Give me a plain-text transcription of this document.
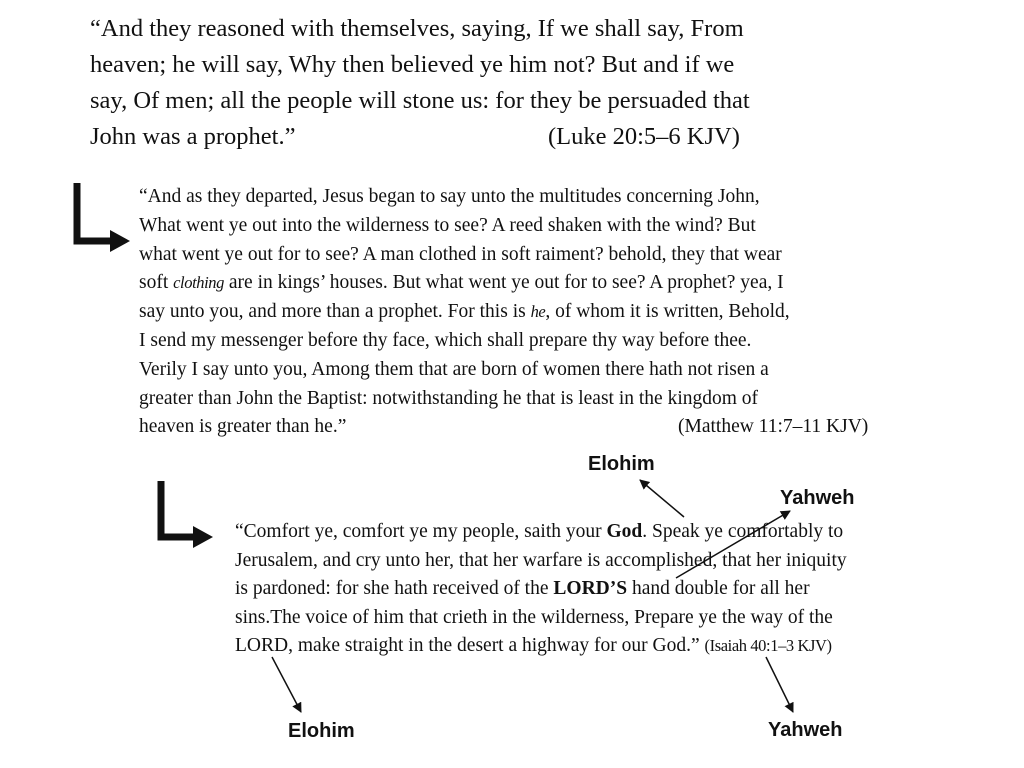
“And they reasoned with themselves, saying, If we shall say, From
heaven; he will say, Why then believed ye him not? But and if we
say, Of men; all the people will stone us: for they be persuaded that
John was a prophet.”	(Luke 20:5–6 KJV)
“And as they departed, Jesus began to say unto the multitudes concerning John,
What went ye out into the wilderness to see? A reed shaken with the wind? But
what went ye out for to see? A man clothed in soft raiment? behold, they that wear
soft clothing are in kings’ houses. But what went ye out for to see? A prophet? yea, I
say unto you, and more than a prophet. For this is he, of whom it is written, Behold,
I send my messenger before thy face, which shall prepare thy way before thee.
Verily I say unto you, Among them that are born of women there hath not risen a
greater than John the Baptist: notwithstanding he that is least in the kingdom of
heaven is greater than he.”	(Matthew 11:7–11 KJV)
“Comfort ye, comfort ye my people, saith your God. Speak ye comfortably to
Jerusalem, and cry unto her, that her warfare is accomplished, that her iniquity
is pardoned: for she hath received of the LORD’S hand double for all her
sins.The voice of him that crieth in the wilderness, Prepare ye the way of the
LORD, make straight in the desert a highway for our God.” (Isaiah 40:1–3 KJV)
Elohim
Yahweh
Elohim	Yahweh
